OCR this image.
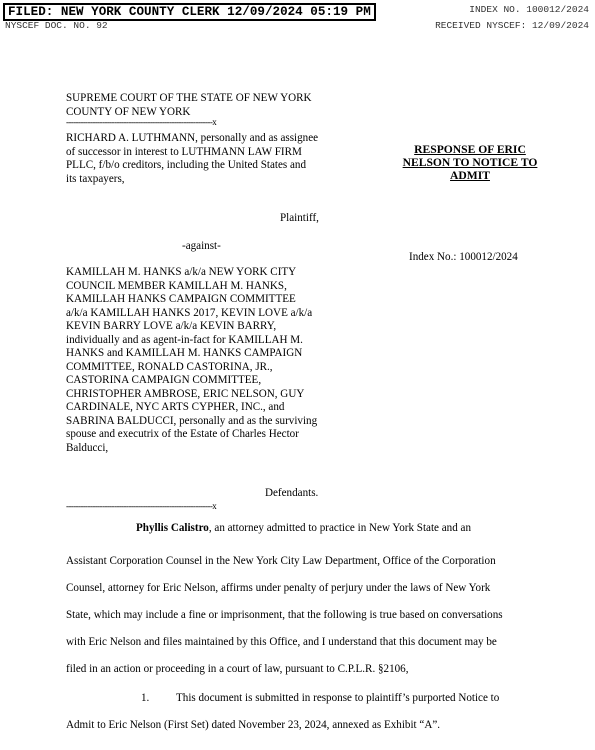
FILED: NEW YORK COUNTY CLERK 12/09/2024 05:19 PM
NYSCEF DOC. NO. 92
INDEX NO. 100012/2024
RECEIVED NYSCEF: 12/09/2024
SUPREME COURT OF THE STATE OF NEW YORK
COUNTY OF NEW YORK
-------------------------------------------------------------x
RICHARD A. LUTHMANN, personally and as assignee
of successor in interest to LUTHMANN LAW FIRM
PLLC, f/b/o creditors, including the United States and
its taxpayers,
Plaintiff,
-against-
KAMILLAH M. HANKS a/k/a NEW YORK CITY
COUNCIL MEMBER KAMILLAH M. HANKS,
KAMILLAH HANKS CAMPAIGN COMMITTEE
a/k/a KAMILLAH HANKS 2017, KEVIN LOVE a/k/a
KEVIN BARRY LOVE a/k/a KEVIN BARRY,
individually and as agent-in-fact for KAMILLAH M.
HANKS and KAMILLAH M. HANKS CAMPAIGN
COMMITTEE, RONALD CASTORINA, JR.,
CASTORINA CAMPAIGN COMMITTEE,
CHRISTOPHER AMBROSE, ERIC NELSON, GUY
CARDINALE, NYC ARTS CYPHER, INC., and
SABRINA BALDUCCI, personally and as the surviving
spouse and executrix of the Estate of Charles Hector
Balducci,
Defendants.
-------------------------------------------------------------x
RESPONSE OF ERIC
NELSON TO NOTICE TO
ADMIT
Index No.: 100012/2024
Phyllis Calistro, an attorney admitted to practice in New York State and an
Assistant Corporation Counsel in the New York City Law Department, Office of the Corporation
Counsel, attorney for Eric Nelson, affirms under penalty of perjury under the laws of New York
State, which may include a fine or imprisonment, that the following is true based on conversations
with Eric Nelson and files maintained by this Office, and I understand that this document may be
filed in an action or proceeding in a court of law, pursuant to C.P.L.R. §2106,
1. This document is submitted in response to plaintiff’s purported Notice to
Admit to Eric Nelson (First Set) dated November 23, 2024, annexed as Exhibit “A”.
